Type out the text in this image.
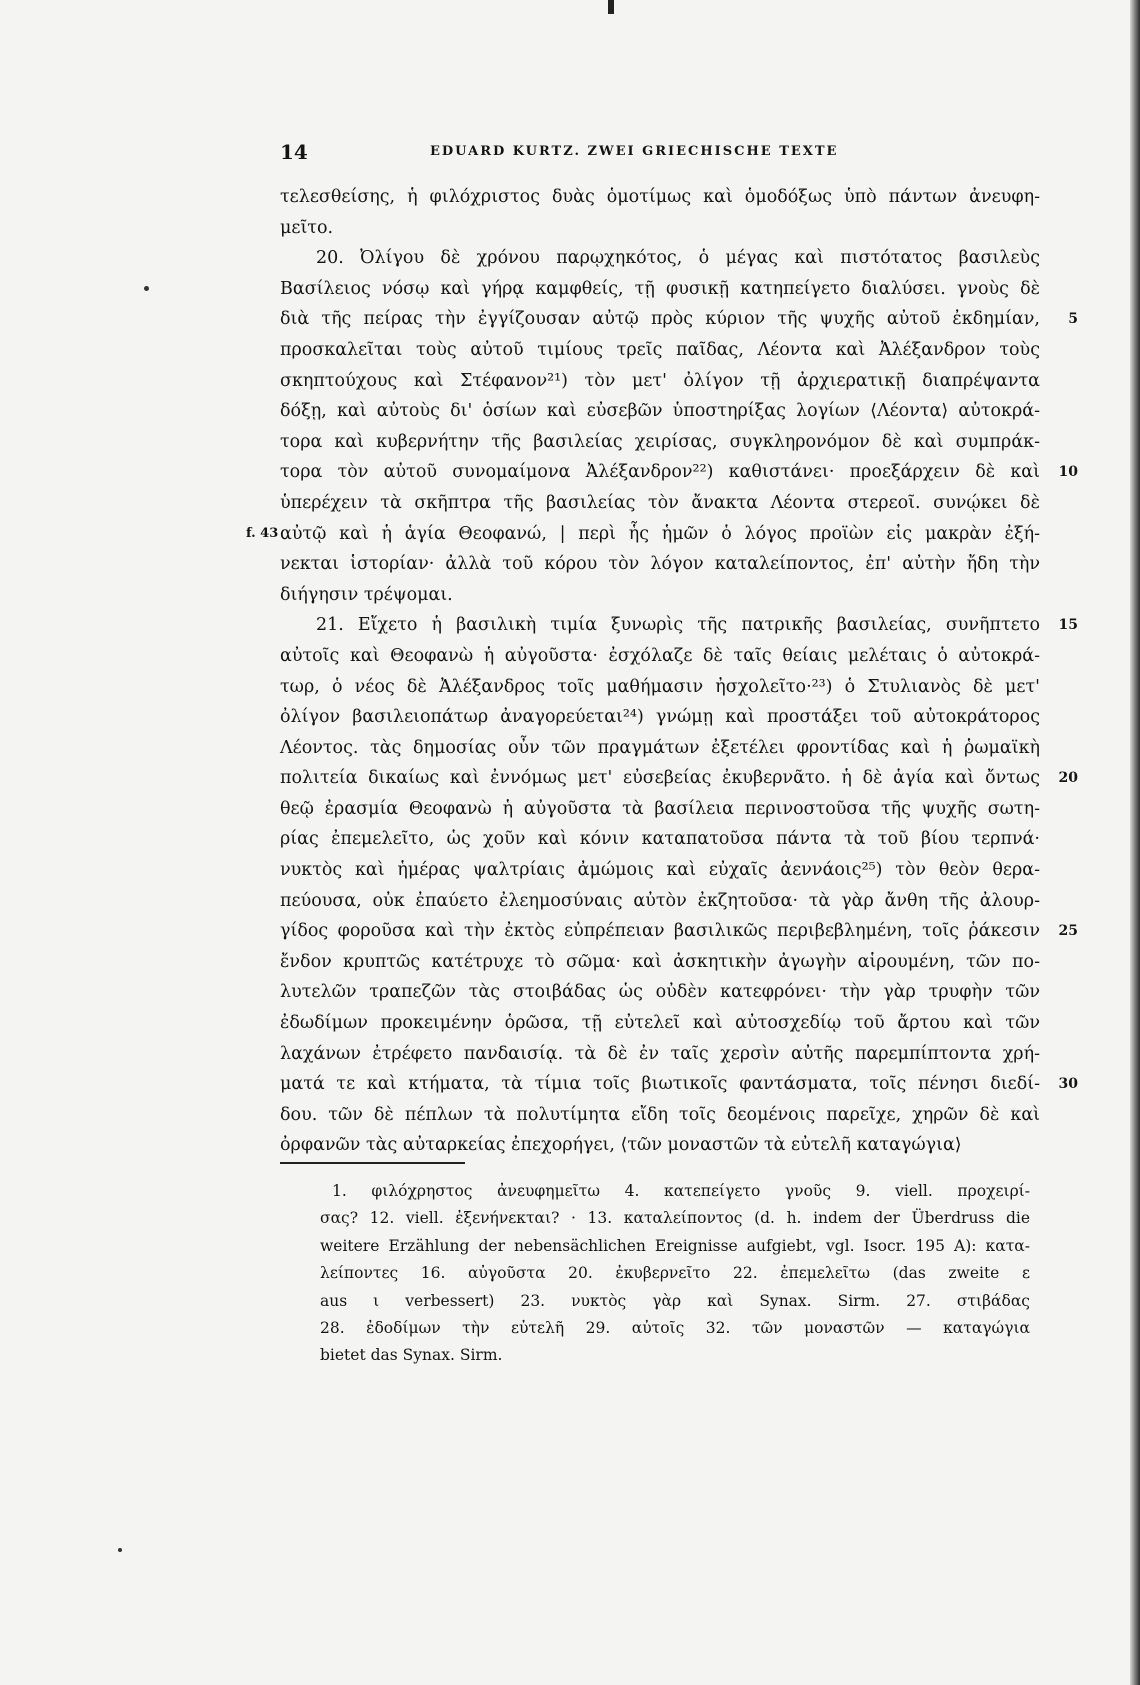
14	EDUARD KURTZ. ZWEI GRIECHISCHE TEXTE
τελεσθείσης, ἡ φιλόχριστος δυὰς ὁμοτίμως καὶ ὁμοδόξως ὑπὸ πάντων ἀνευφη-
μεῖτο.
20. Ὀλίγου δὲ χρόνου παρῳχηκότος, ὁ μέγας καὶ πιστότατος βασιλεὺς
Βασίλειος νόσῳ καὶ γήρᾳ καμφθείς, τῇ φυσικῇ κατηπείγετο διαλύσει. γνοὺς δὲ
διὰ τῆς πείρας τὴν ἐγγίζουσαν αὐτῷ πρὸς κύριον τῆς ψυχῆς αὐτοῦ ἐκδημίαν, 5
προσκαλεῖται τοὺς αὐτοῦ τιμίους τρεῖς παῖδας, Λέοντα καὶ Ἀλέξανδρον τοὺς
σκηπτούχους καὶ Στέφανον²¹) τὸν μετ' ὀλίγον τῇ ἀρχιερατικῇ διαπρέψαντα
δόξῃ, καὶ αὐτοὺς δι' ὁσίων καὶ εὐσεβῶν ὑποστηρίξας λογίων ⟨Λέοντα⟩ αὐτοκρά-
τορα καὶ κυβερνήτην τῆς βασιλείας χειρίσας, συγκληρονόμον δὲ καὶ συμπράκ-
τορα τὸν αὐτοῦ συνομαίμονα Ἀλέξανδρον²²) καθιστάνει· προεξάρχειν δὲ καὶ 10
ὑπερέχειν τὰ σκῆπτρα τῆς βασιλείας τὸν ἄνακτα Λέοντα στερεοῖ. συνῴκει δὲ
αὐτῷ καὶ ἡ ἁγία Θεοφανώ, | περὶ ἧς ἡμῶν ὁ λόγος προϊὼν εἰς μακρὰν ἐξή-
f. 43
νεκται ἱστορίαν· ἀλλὰ τοῦ κόρου τὸν λόγον καταλείποντος, ἐπ' αὐτὴν ἤδη τὴν
διήγησιν τρέψομαι.
21. Εἴχετο ἡ βασιλικὴ τιμία ξυνωρὶς τῆς πατρικῆς βασιλείας, συνῆπτετο 15
αὐτοῖς καὶ Θεοφανὼ ἡ αὐγοῦστα· ἐσχόλαζε δὲ ταῖς θείαις μελέταις ὁ αὐτοκρά-
τωρ, ὁ νέος δὲ Ἀλέξανδρος τοῖς μαθήμασιν ἠσχολεῖτο·²³) ὁ Στυλιανὸς δὲ μετ'
ὀλίγον βασιλειοπάτωρ ἀναγορεύεται²⁴) γνώμῃ καὶ προστάξει τοῦ αὐτοκράτορος
Λέοντος. τὰς δημοσίας οὖν τῶν πραγμάτων ἐξετέλει φροντίδας καὶ ἡ ῥωμαϊκὴ
πολιτεία δικαίως καὶ ἐννόμως μετ' εὐσεβείας ἐκυβερνᾶτο. ἡ δὲ ἁγία καὶ ὄντως 20
θεῷ ἐρασμία Θεοφανὼ ἡ αὐγοῦστα τὰ βασίλεια περινοστοῦσα τῆς ψυχῆς σωτη-
ρίας ἐπεμελεῖτο, ὡς χοῦν καὶ κόνιν καταπατοῦσα πάντα τὰ τοῦ βίου τερπνά·
νυκτὸς καὶ ἡμέρας ψαλτρίαις ἀμώμοις καὶ εὐχαῖς ἀεννάοις²⁵) τὸν θεὸν θερα-
πεύουσα, οὐκ ἐπαύετο ἐλεημοσύναις αὐτὸν ἐκζητοῦσα· τὰ γὰρ ἄνθη τῆς ἀλουρ-
γίδος φοροῦσα καὶ τὴν ἐκτὸς εὐπρέπειαν βασιλικῶς περιβεβλημένη, τοῖς ῥάκεσιν 25
ἔνδον κρυπτῶς κατέτρυχε τὸ σῶμα· καὶ ἀσκητικὴν ἀγωγὴν αἱρουμένη, τῶν πο-
λυτελῶν τραπεζῶν τὰς στοιβάδας ὡς οὐδὲν κατεφρόνει· τὴν γὰρ τρυφὴν τῶν
ἐδωδίμων προκειμένην ὁρῶσα, τῇ εὐτελεῖ καὶ αὐτοσχεδίῳ τοῦ ἄρτου καὶ τῶν
λαχάνων ἐτρέφετο πανδαισίᾳ. τὰ δὲ ἐν ταῖς χερσὶν αὐτῆς παρεμπίπτοντα χρή-
ματά τε καὶ κτήματα, τὰ τίμια τοῖς βιωτικοῖς φαντάσματα, τοῖς πένησι διεδί- 30
δου. τῶν δὲ πέπλων τὰ πολυτίμητα εἴδη τοῖς δεομένοις παρεῖχε, χηρῶν δὲ καὶ
ὀρφανῶν τὰς αὐταρκείας ἐπεχορήγει, ⟨τῶν μοναστῶν τὰ εὐτελῆ καταγώγια⟩
1. φιλόχρηστος ἀνευφημεῖτω 4. κατεπείγετο γνοῦς 9. viell. προχειρί-
σας? 12. viell. ἐξενήνεκται? · 13. καταλείποντος (d. h. indem der Überdruss die
weitere Erzählung der nebensächlichen Ereignisse aufgiebt, vgl. Isocr. 195 A): κατα-
λείποντες 16. αὐγοῦστα 20. ἐκυβερνεῖτο 22. ἐπεμελεῖτω (das zweite ε
aus ι verbessert) 23. νυκτὸς γὰρ καὶ Synax. Sirm. 27. στιβάδας
28. ἐδοδίμων τὴν εὐτελῆ 29. αὐτοῖς 32. τῶν μοναστῶν — καταγώγια
bietet das Synax. Sirm.
